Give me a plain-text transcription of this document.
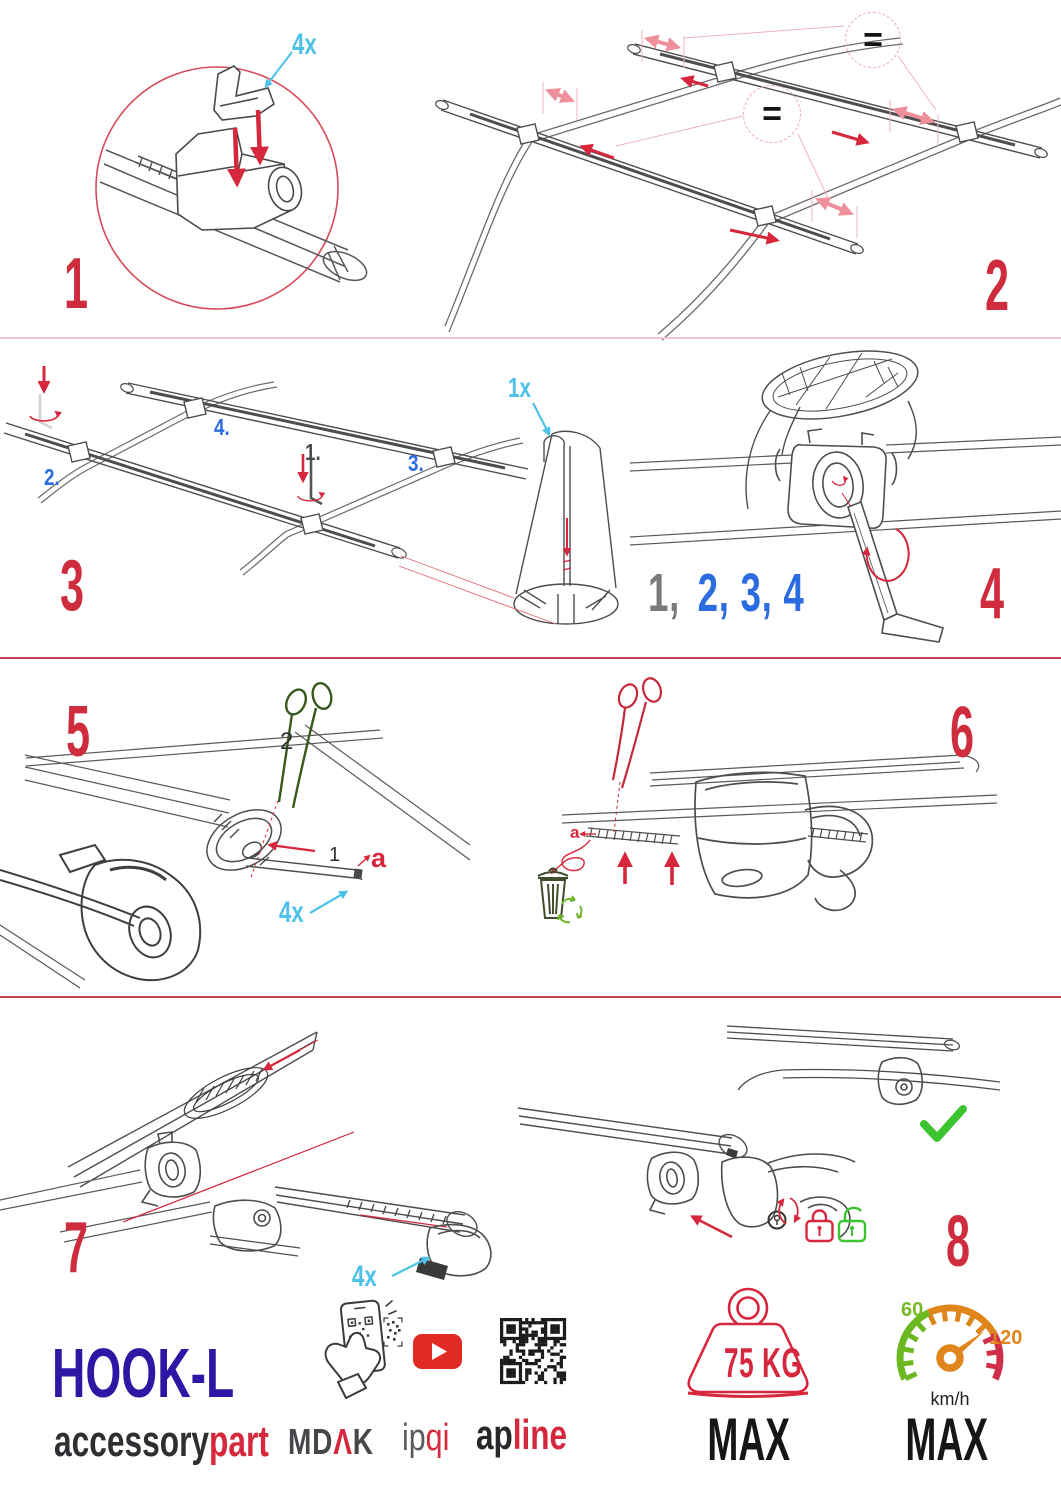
4x
1
=
=
2
1.
2.
3.
4.
1x
3	1, 2, 3, 4 4
2
1 a
4x
5
a
6
4x
7	8
HOOK-L
accessorypart MDΛK ipqi apline
75 KG
MAX
60
120
km/h
MAX
